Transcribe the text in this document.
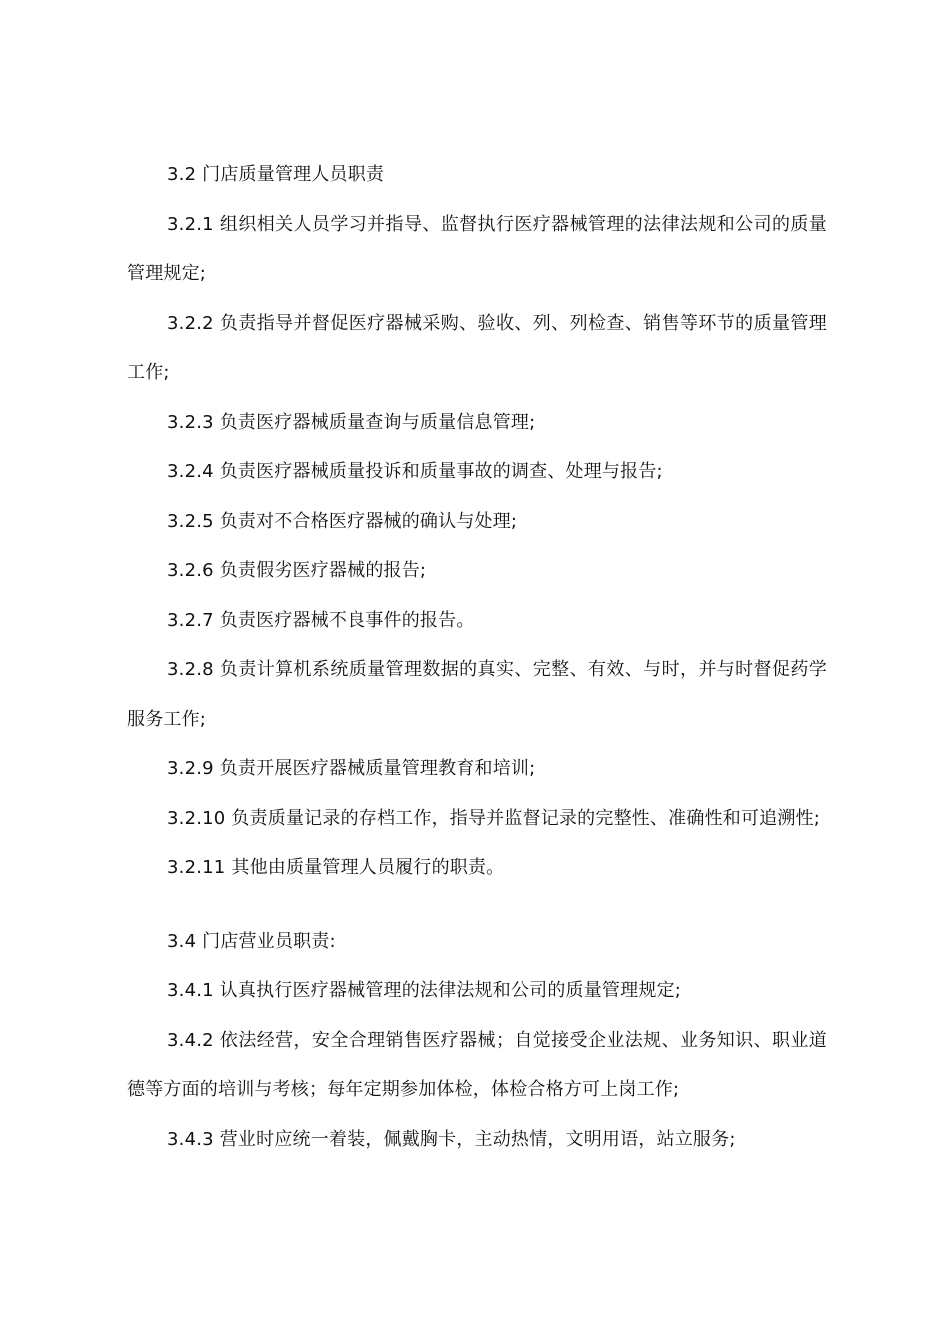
3.2 门店质量管理人员职责

3.2.1 组织相关人员学习并指导、监督执行医疗器械管理的法律法规和公司的质量管理规定;

3.2.2 负责指导并督促医疗器械采购、验收、列、列检查、销售等环节的质量管理工作;

3.2.3 负责医疗器械质量查询与质量信息管理;

3.2.4 负责医疗器械质量投诉和质量事故的调查、处理与报告;

3.2.5 负责对不合格医疗器械的确认与处理;

3.2.6 负责假劣医疗器械的报告;

3.2.7 负责医疗器械不良事件的报告。

3.2.8 负责计算机系统质量管理数据的真实、完整、有效、与时，并与时督促药学服务工作;

3.2.9 负责开展医疗器械质量管理教育和培训;

3.2.10 负责质量记录的存档工作，指导并监督记录的完整性、准确性和可追溯性;

3.2.11 其他由质量管理人员履行的职责。

3.4 门店营业员职责:

3.4.1 认真执行医疗器械管理的法律法规和公司的质量管理规定;

3.4.2 依法经营，安全合理销售医疗器械；自觉接受企业法规、业务知识、职业道德等方面的培训与考核；每年定期参加体检，体检合格方可上岗工作;

3.4.3 营业时应统一着装，佩戴胸卡，主动热情，文明用语，站立服务;
